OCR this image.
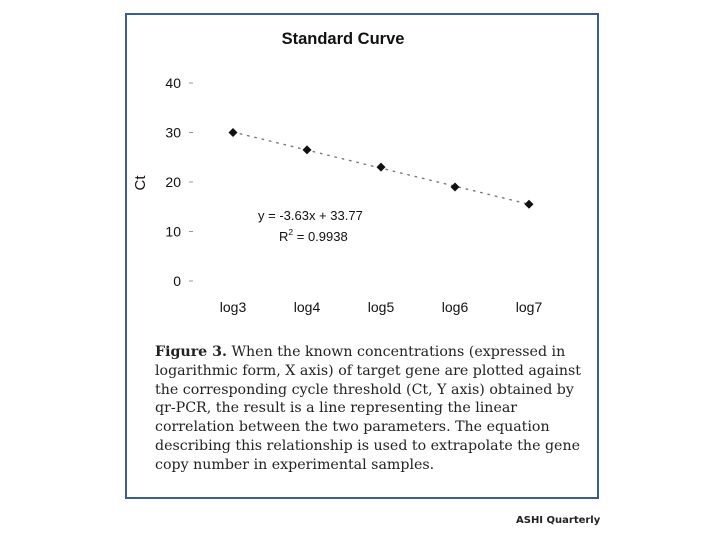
Standard Curve
Ct
0
10
20
30
40
log3	log4	log5	log6	log7
y = -3.63x + 33.77
$R^2 = 0.9938$
Figure 3. When the known concentrations (expressed in logarithmic form, X axis) of target gene are plotted against the corresponding cycle threshold (Ct, Y axis) obtained by qr-PCR, the result is a line representing the linear correlation between the two parameters. The equation describing this relationship is used to extrapolate the gene copy number in experimental samples.
ASHI Quarterly
